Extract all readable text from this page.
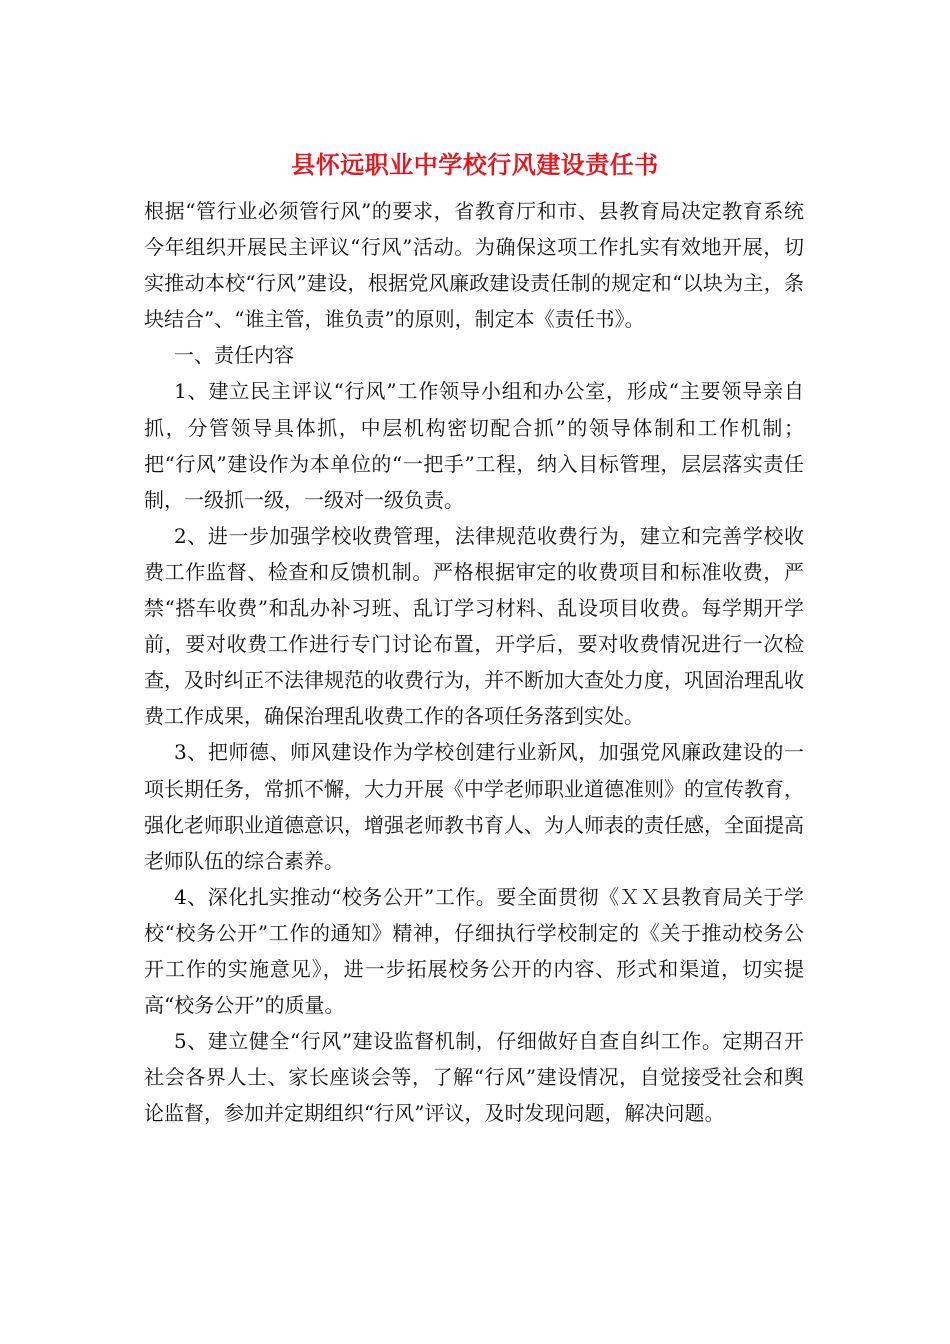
县怀远职业中学校行风建设责任书

根据“管行业必须管行风”的要求，省教育厅和市、县教育局决定教育系统今年组织开展民主评议“行风”活动。为确保这项工作扎实有效地开展，切实推动本校“行风”建设，根据党风廉政建设责任制的规定和“以块为主，条块结合”、“谁主管，谁负责”的原则，制定本《责任书》。

一、责任内容

1、建立民主评议“行风”工作领导小组和办公室，形成“主要领导亲自抓，分管领导具体抓，中层机构密切配合抓”的领导体制和工作机制；把“行风”建设作为本单位的“一把手”工程，纳入目标管理，层层落实责任制，一级抓一级，一级对一级负责。

2、进一步加强学校收费管理，法律规范收费行为，建立和完善学校收费工作监督、检查和反馈机制。严格根据审定的收费项目和标准收费，严禁“搭车收费”和乱办补习班、乱订学习材料、乱设项目收费。每学期开学前，要对收费工作进行专门讨论布置，开学后，要对收费情况进行一次检查，及时纠正不法律规范的收费行为，并不断加大查处力度，巩固治理乱收费工作成果，确保治理乱收费工作的各项任务落到实处。

3、把师德、师风建设作为学校创建行业新风，加强党风廉政建设的一项长期任务，常抓不懈，大力开展《中学老师职业道德准则》的宣传教育，强化老师职业道德意识，增强老师教书育人、为人师表的责任感，全面提高老师队伍的综合素养。

4、深化扎实推动“校务公开”工作。要全面贯彻《ＸＸ县教育局关于学校“校务公开”工作的通知》精神，仔细执行学校制定的《关于推动校务公开工作的实施意见》，进一步拓展校务公开的内容、形式和渠道，切实提高“校务公开”的质量。

5、建立健全“行风”建设监督机制，仔细做好自查自纠工作。定期召开社会各界人士、家长座谈会等，了解“行风”建设情况，自觉接受社会和舆论监督，参加并定期组织“行风”评议，及时发现问题，解决问题。
